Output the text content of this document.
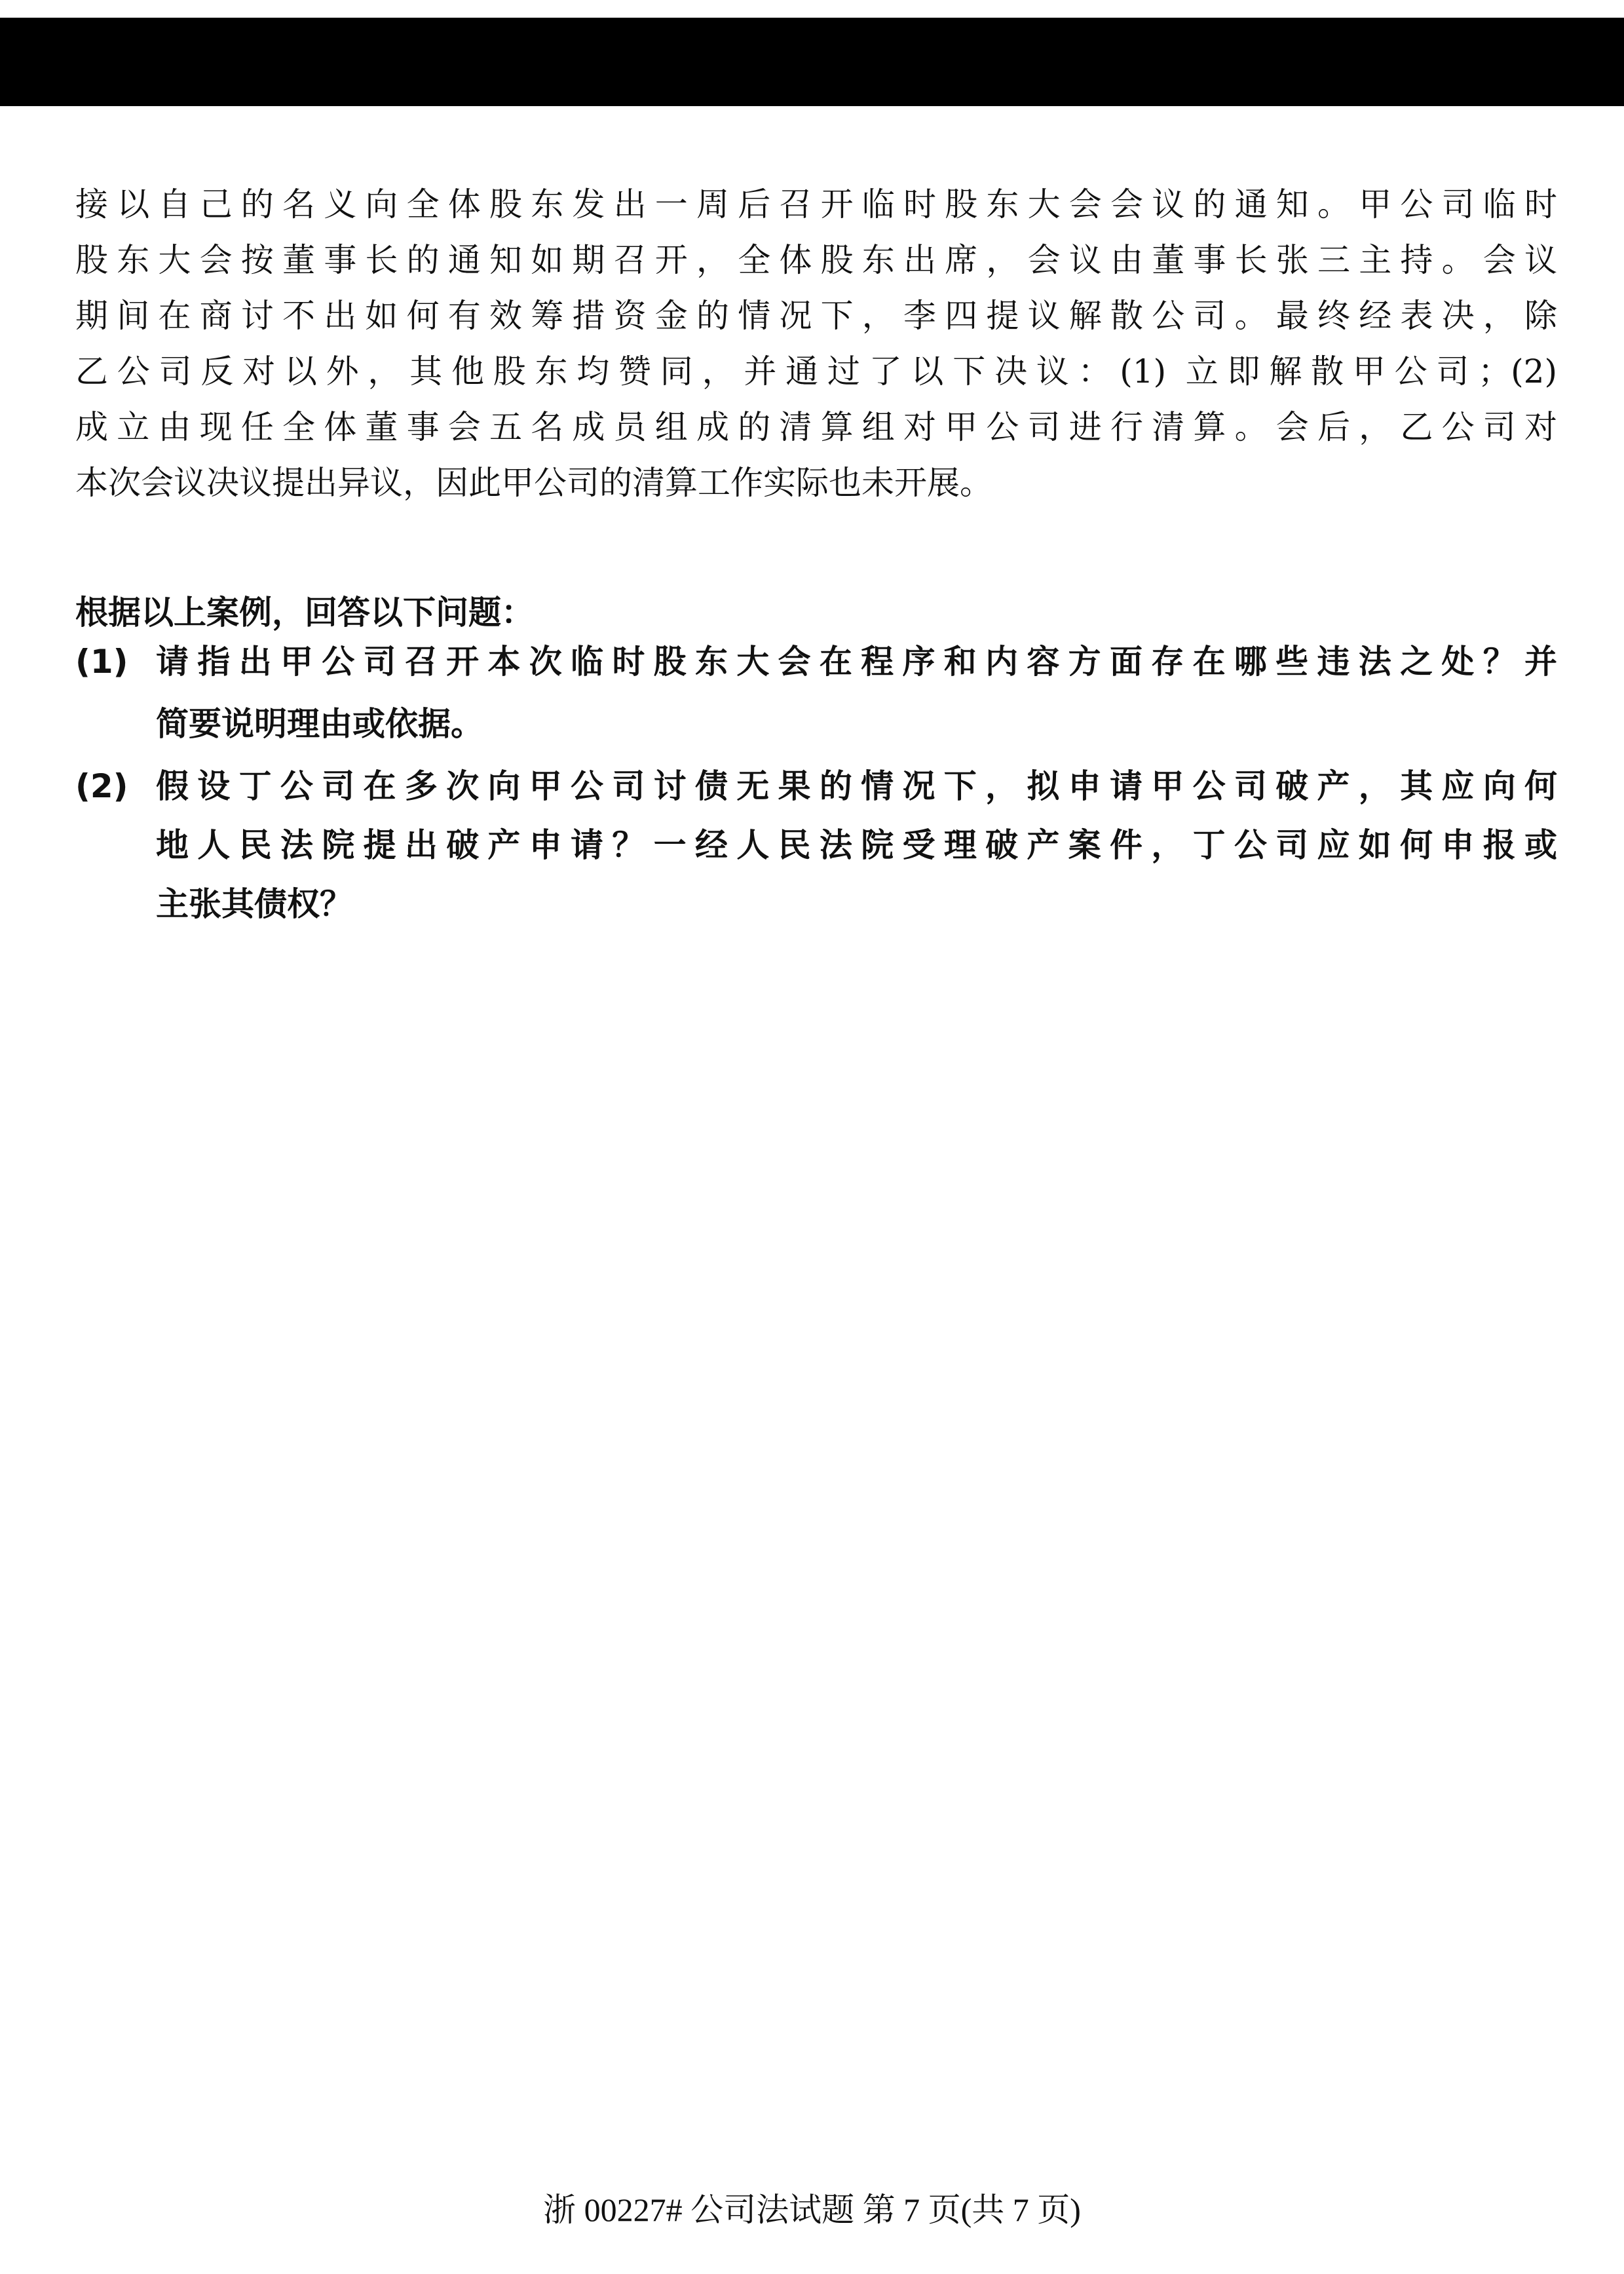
接以自己的名义向全体股东发出一周后召开临时股东大会会议的通知。甲公司临时
股东大会按董事长的通知如期召开，全体股东出席，会议由董事长张三主持。会议
期间在商讨不出如何有效筹措资金的情况下，李四提议解散公司。最终经表决，除
乙公司反对以外，其他股东均赞同，并通过了以下决议：(1) 立即解散甲公司；(2)
成立由现任全体董事会五名成员组成的清算组对甲公司进行清算。会后，乙公司对
本次会议决议提出异议，因此甲公司的清算工作实际也未开展。
根据以上案例，回答以下问题：
(1) 请指出甲公司召开本次临时股东大会在程序和内容方面存在哪些违法之处？并
简要说明理由或依据。
(2) 假设丁公司在多次向甲公司讨债无果的情况下，拟申请甲公司破产，其应向何
地人民法院提出破产申请？一经人民法院受理破产案件，丁公司应如何申报或
主张其债权？
浙 00227# 公司法试题 第 7 页(共 7 页)
